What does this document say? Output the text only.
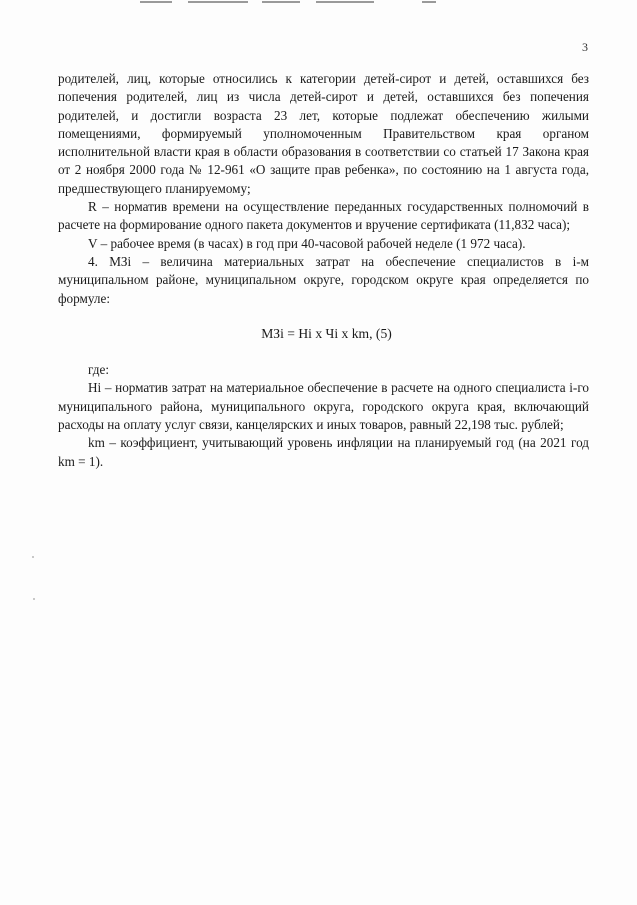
3

родителей, лиц, которые относились к категории детей-сирот и детей, оставшихся без попечения родителей, лиц из числа детей-сирот и детей, оставшихся без попечения родителей, и достигли возраста 23 лет, которые подлежат обеспечению жилыми помещениями, формируемый уполномоченным Правительством края органом исполнительной власти края в области образования в соответствии со статьей 17 Закона края от 2 ноября 2000 года № 12-961 «О защите прав ребенка», по состоянию на 1 августа года, предшествующего планируемому;

R – норматив времени на осуществление переданных государственных полномочий в расчете на формирование одного пакета документов и вручение сертификата (11,832 часа);

V – рабочее время (в часах) в год при 40-часовой рабочей неделе (1 972 часа).

4. МЗi – величина материальных затрат на обеспечение специалистов в i-м муниципальном районе, муниципальном округе, городском округе края определяется по формуле:

МЗi = Нi x Чi x km, (5)

где:

Нi – норматив затрат на материальное обеспечение в расчете на одного специалиста i-го муниципального района, муниципального округа, городского округа края, включающий расходы на оплату услуг связи, канцелярских и иных товаров, равный 22,198 тыс. рублей;

km – коэффициент, учитывающий уровень инфляции на планируемый год (на 2021 год km = 1).
